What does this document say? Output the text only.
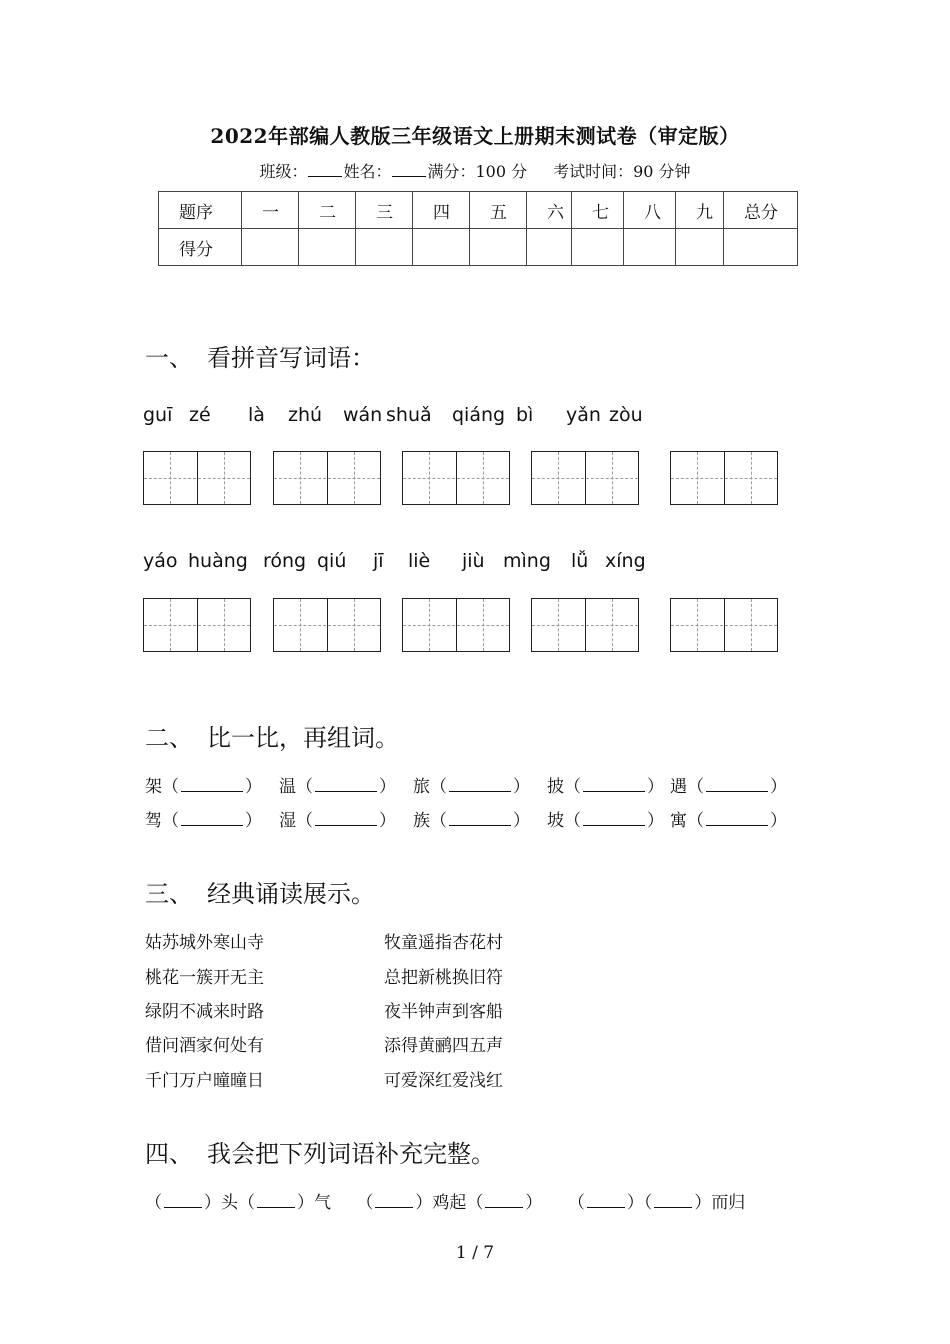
2022年部编人教版三年级语文上册期末测试卷（审定版）
班级： 姓名： 满分：100 分 考试时间：90 分钟
题序	一	二	三	四	五	六	七	八	九	总分
得分										
一、 看拼音写词语：
guī zé là zhú wán shuǎ qiáng bì yǎn zòu
yáo huàng róng qiú jī liè jiù mìng lǚ xíng
二、 比一比，再组词。
架（	） 温（	） 旅（	） 披（	） 遇（	）
驾（	） 湿（	） 族（	） 坡（	） 寓（	）
三、 经典诵读展示。
姑苏城外寒山寺
桃花一簇开无主
绿阴不减来时路
借问酒家何处有
千门万户曈曈日
牧童遥指杏花村
总把新桃换旧符
夜半钟声到客船
添得黄鹂四五声
可爱深红爱浅红
四、 我会把下列词语补充完整。
（ ）头（ ）气 （ ）鸡起（ ） （ ）（ ）而归
1 / 7
